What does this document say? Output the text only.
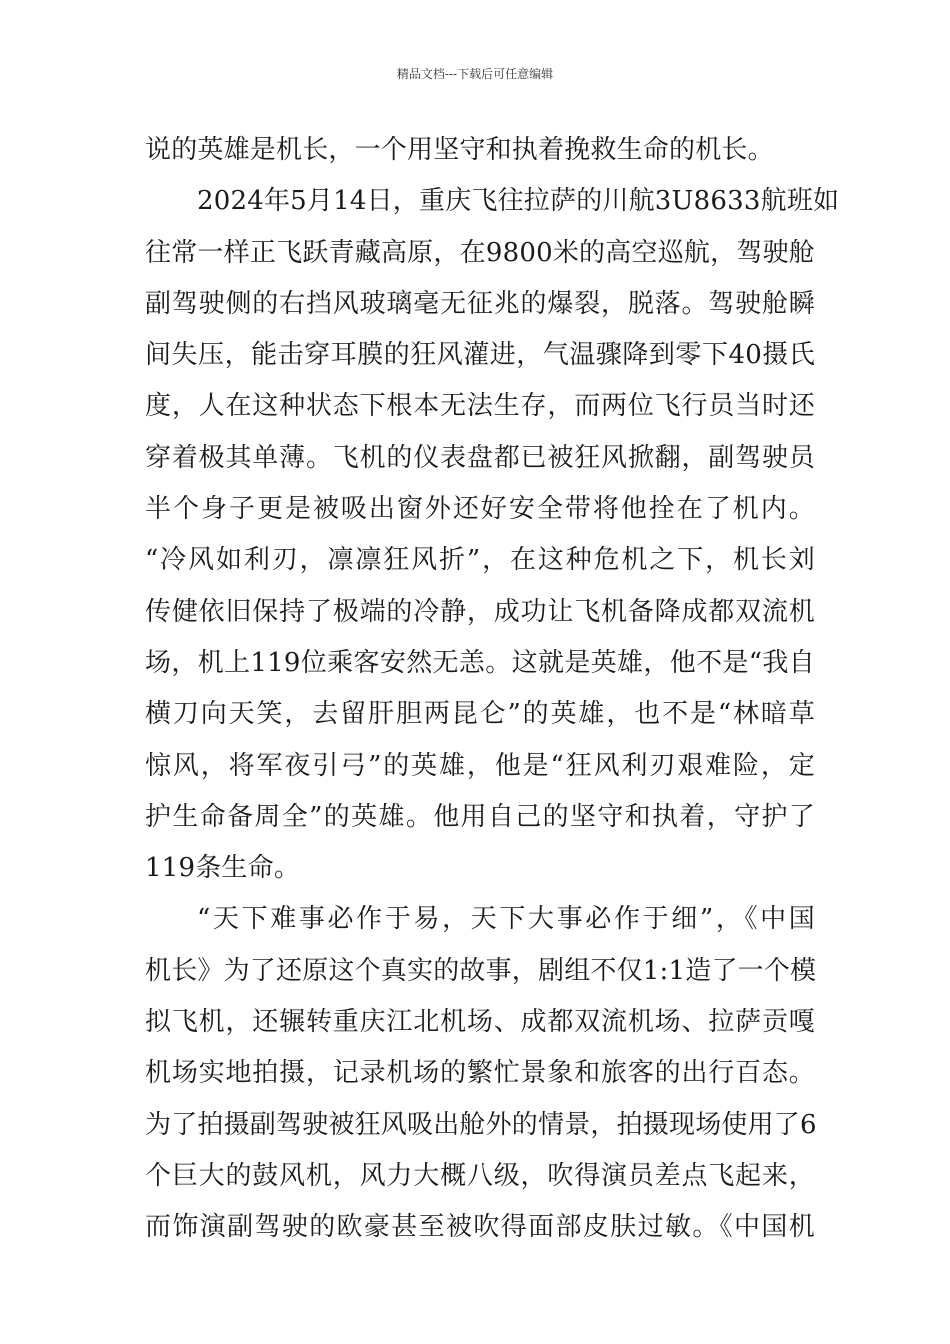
精品文档---下载后可任意编辑
说的英雄是机长，一个用坚守和执着挽救生命的机长。
2024年5月14日，重庆飞往拉萨的川航3U8633航班如
往常一样正飞跃青藏高原，在9800米的高空巡航，驾驶舱
副驾驶侧的右挡风玻璃毫无征兆的爆裂，脱落。驾驶舱瞬
间失压，能击穿耳膜的狂风灌进，气温骤降到零下40摄氏
度，人在这种状态下根本无法生存，而两位飞行员当时还
穿着极其单薄。飞机的仪表盘都已被狂风掀翻，副驾驶员
半个身子更是被吸出窗外还好安全带将他拴在了机内。
“冷风如利刃，凛凛狂风折”，在这种危机之下，机长刘
传健依旧保持了极端的冷静，成功让飞机备降成都双流机
场，机上119位乘客安然无恙。这就是英雄，他不是“我自
横刀向天笑，去留肝胆两昆仑”的英雄，也不是“林暗草
惊风，将军夜引弓”的英雄，他是“狂风利刃艰难险，定
护生命备周全”的英雄。他用自己的坚守和执着，守护了
119条生命。
“天下难事必作于易，天下大事必作于细”，《中国
机长》为了还原这个真实的故事，剧组不仅1:1造了一个模
拟飞机，还辗转重庆江北机场、成都双流机场、拉萨贡嘎
机场实地拍摄，记录机场的繁忙景象和旅客的出行百态。
为了拍摄副驾驶被狂风吸出舱外的情景，拍摄现场使用了6
个巨大的鼓风机，风力大概八级，吹得演员差点飞起来，
而饰演副驾驶的欧豪甚至被吹得面部皮肤过敏。《中国机
